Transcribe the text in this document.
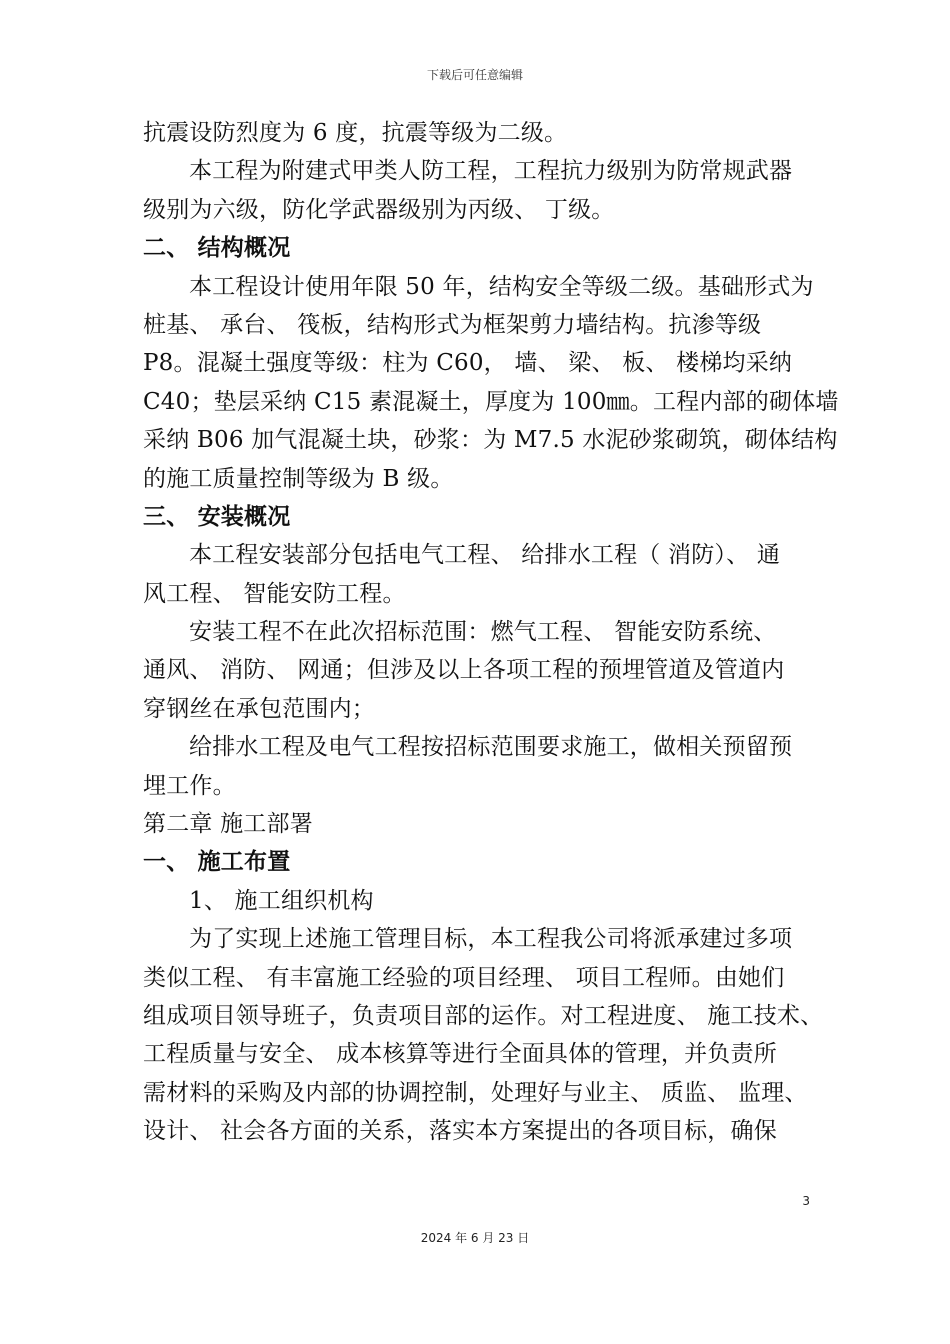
下载后可任意编辑
抗震设防烈度为 6 度，抗震等级为二级。
本工程为附建式甲类人防工程，工程抗力级别为防常规武器
级别为六级，防化学武器级别为丙级、 丁级。
二、 结构概况
本工程设计使用年限 50 年，结构安全等级二级。基础形式为
桩基、 承台、 筏板，结构形式为框架剪力墙结构。抗渗等级
P8。混凝土强度等级：柱为 C60， 墙、 梁、 板、 楼梯均采纳
C40；垫层采纳 C15 素混凝土，厚度为 100㎜。工程内部的砌体墙
采纳 B06 加气混凝土块，砂浆：为 M7.5 水泥砂浆砌筑，砌体结构
的施工质量控制等级为 B 级。
三、 安装概况
本工程安装部分包括电气工程、 给排水工程（ 消防）、 通
风工程、 智能安防工程。
安装工程不在此次招标范围：燃气工程、 智能安防系统、
通风、 消防、 网通；但涉及以上各项工程的预埋管道及管道内
穿钢丝在承包范围内；
给排水工程及电气工程按招标范围要求施工，做相关预留预
埋工作。
第二章 施工部署
一、 施工布置
1、 施工组织机构
为了实现上述施工管理目标，本工程我公司将派承建过多项
类似工程、 有丰富施工经验的项目经理、 项目工程师。由她们
组成项目领导班子，负责项目部的运作。对工程进度、 施工技术、
工程质量与安全、 成本核算等进行全面具体的管理，并负责所
需材料的采购及内部的协调控制，处理好与业主、 质监、 监理、
设计、 社会各方面的关系，落实本方案提出的各项目标，确保
3
2024 年 6 月 23 日
